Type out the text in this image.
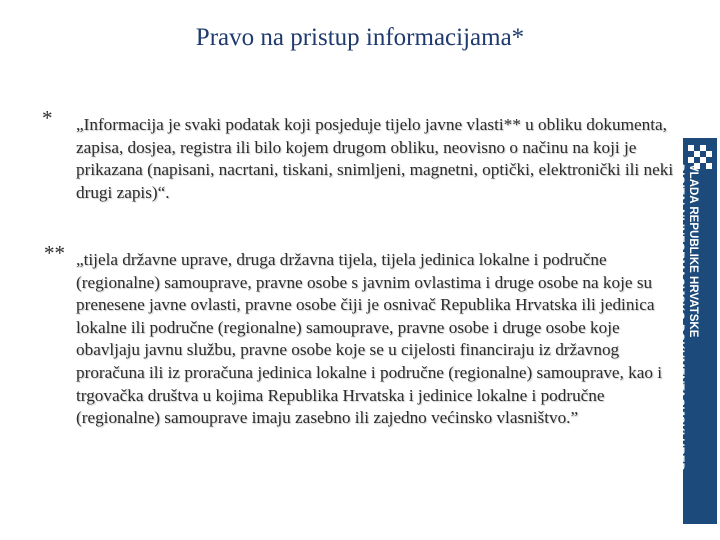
Pravo na pristup informacijama*
* „Informacija je svaki podatak koji posjeduje tijelo javne vlasti** u obliku dokumenta, zapisa, dosjea, registra ili bilo kojem drugom obliku, neovisno o načinu na koji je prikazana (napisani, nacrtani, tiskani, snimljeni, magnetni, optički, elektronički ili neki drugi zapis)“.
** „tijela državne uprave, druga državna tijela, tijela jedinica lokalne i područne (regionalne) samouprave, pravne osobe s javnim ovlastima i druge osobe na koje su prenesene javne ovlasti, pravne osobe čiji je osnivač Republika Hrvatska ili jedinica lokalne ili područne (regionalne) samouprave, pravne osobe i druge osobe koje obavljaju javnu službu, pravne osobe koje se u cijelosti financiraju iz državnog proračuna ili iz proračuna jedinica lokalne i područne (regionalne) samouprave, kao i trgovačka društva u kojima Republika Hrvatska i jedinice lokalne i područne (regionalne) samouprave imaju zasebno ili zajedno većinsko vlasništvo.”
VLADA REPUBLIKE HRVATSKE
DIGITALNI INFORMACIJSKO-DOKUMENTACIJSKI URED
